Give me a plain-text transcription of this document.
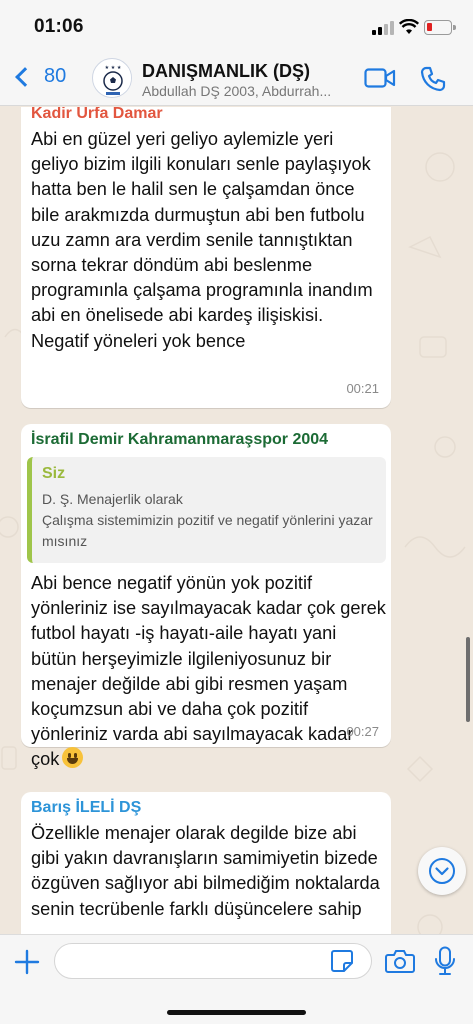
01:06
80	★ ★ ★ DANIŞMANLIK (DŞ)
Abdullah DŞ 2003, Abdurrah...
Kadir Urfa Damar
Abi en güzel yeri geliyo aylemizle yeri geliyo bizim ilgili konuları senle paylaşıyok hatta ben le halil sen le çalşamdan önce bile arakmızda durmuştun abi ben futbolu uzu zamn ara verdim senile tannıştıktan sorna tekrar döndüm abi beslenme programınla çalşama programınla inandım abi en önelisede abi kardeş ilişiskisi. Negatif yöneleri yok bence
00:21
İsrafil Demir Kahramanmaraşspor 2004
Siz
D. Ş. Menajerlik olarak
Çalışma sistemimizin pozitif ve negatif yönlerini yazar mısınız
Abi bence negatif yönün yok pozitif yönleriniz ise sayılmayacak kadar çok gerek futbol hayatı -iş hayatı-aile hayatı yani bütün herşeyimizle ilgileniyosunuz bir menajer değilde abi gibi resmen yaşam koçumzsun abi ve daha çok pozitif yönleriniz varda abi sayılmayacak kadar çok
00:27
Barış İLELİ DŞ
Özellikle menajer olarak degilde bize abi gibi yakın davranışların samimiyetin bizede özgüven sağlıyor abi bilmediğim noktalarda senin tecrübenle farklı düşüncelere sahip
